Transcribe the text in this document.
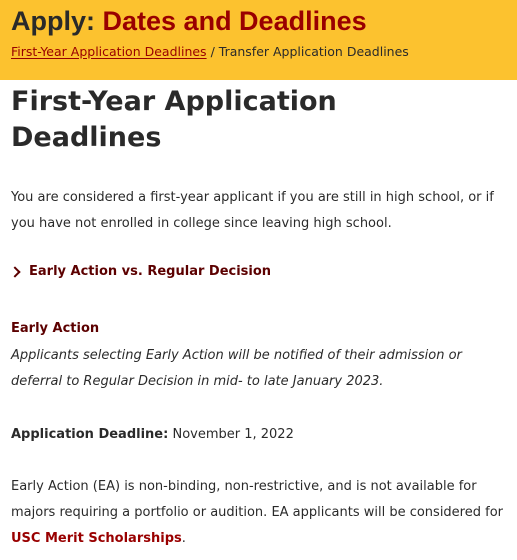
Apply: Dates and Deadlines
First-Year Application Deadlines / Transfer Application Deadlines
First-Year Application Deadlines

You are considered a first-year applicant if you are still in high school, or if you have not enrolled in college since leaving high school.

Early Action vs. Regular Decision
Early Action

Applicants selecting Early Action will be notified of their admission or deferral to Regular Decision in mid- to late January 2023.

Application Deadline: November 1, 2022

Early Action (EA) is non-binding, non-restrictive, and is not available for majors requiring a portfolio or audition. EA applicants will be considered for USC Merit Scholarships.
